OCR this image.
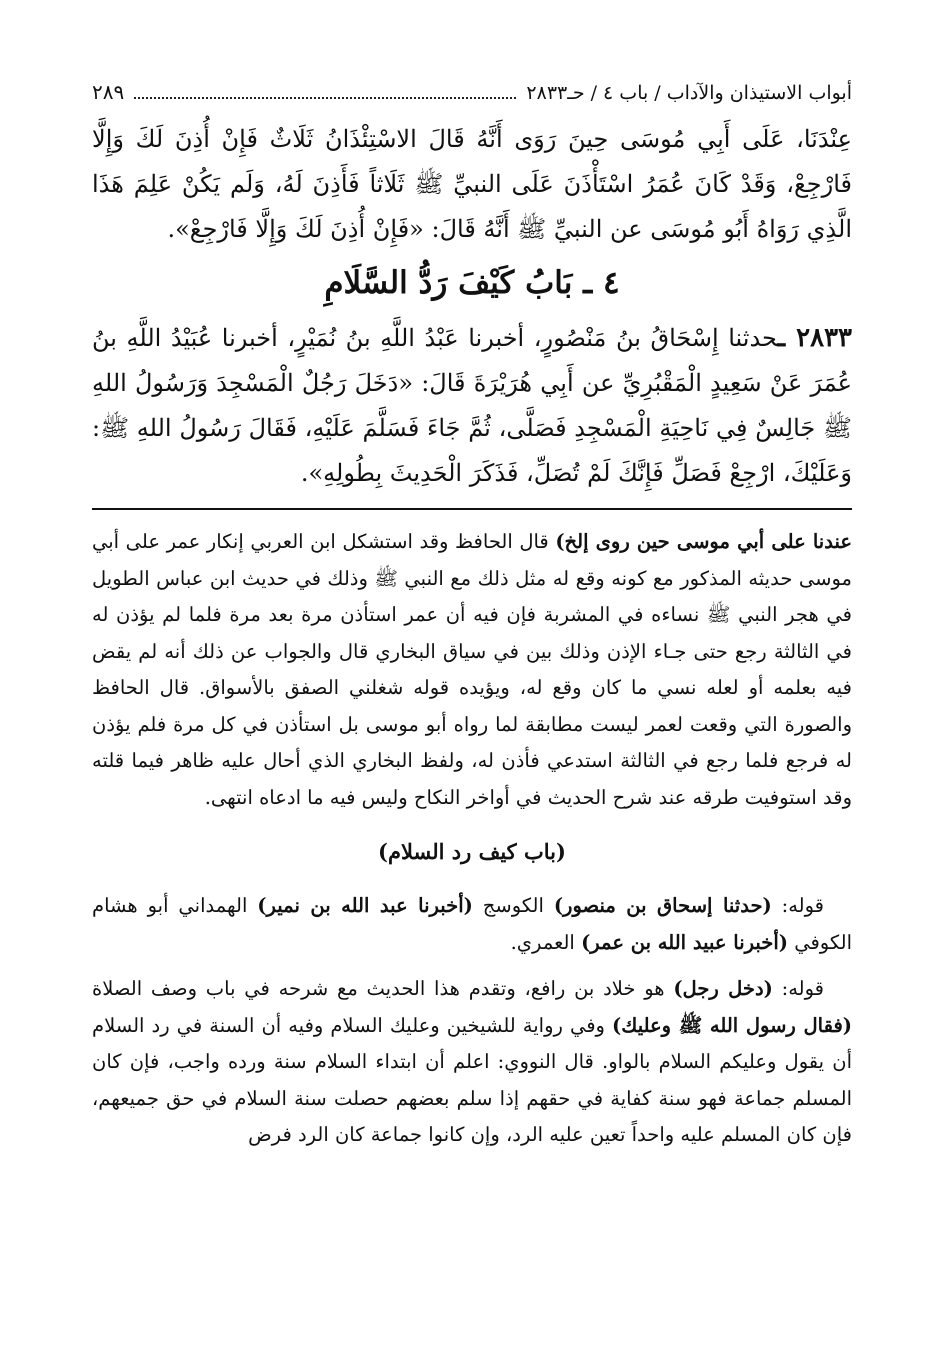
أبواب الاستيذان والآداب / باب ٤ / حـ٢٨٣٣
٢٨٩

عِنْدَنَا، عَلَى أَبِي مُوسَى حِينَ رَوَى أَنَّهُ قَالَ الاسْتِئْذَانُ ثَلَاثٌ فَإِنْ أُذِنَ لَكَ وَإِلَّا فَارْجِعْ، وَقَدْ كَانَ عُمَرُ اسْتَأْذَنَ عَلَى النبيِّ ﷺ ثَلَاثاً فَأَذِنَ لَهُ، وَلَم يَكُنْ عَلِمَ هَذَا الَّذِي رَوَاهُ أَبُو مُوسَى عن النبيِّ ﷺ أَنَّهُ قَالَ: «فَإِنْ أُذِنَ لَكَ وَإِلَّا فَارْجِعْ».

٤ ـ بَابُ كَيْفَ رَدُّ السَّلَامِ

٢٨٣٣ ـحدثنا إِسْحَاقُ بنُ مَنْصُورٍ، أخبرنا عَبْدُ اللَّهِ بنُ نُمَيْرٍ، أخبرنا عُبَيْدُ اللَّهِ بنُ عُمَرَ عَنْ سَعِيدٍ الْمَقْبُرِيِّ عن أَبِي هُرَيْرَةَ قَالَ: «دَخَلَ رَجُلٌ الْمَسْجِدَ وَرَسُولُ اللهِ ﷺ جَالِسٌ فِي نَاحِيَةِ الْمَسْجِدِ فَصَلَّى، ثُمَّ جَاءَ فَسَلَّمَ عَلَيْهِ، فَقَالَ رَسُولُ اللهِ ﷺ: وَعَلَيْكَ، ارْجِعْ فَصَلِّ فَإِنَّكَ لَمْ تُصَلِّ، فَذَكَرَ الْحَدِيثَ بِطُولِهِ».

عندنا على أبي موسى حين روى إلخ) قال الحافظ وقد استشكل ابن العربي إنكار عمر على أبي موسى حديثه المذكور مع كونه وقع له مثل ذلك مع النبي ﷺ وذلك في حديث ابن عباس الطويل في هجر النبي ﷺ نساءه في المشربة فإن فيه أن عمر استأذن مرة بعد مرة فلما لم يؤذن له في الثالثة رجع حتى جـاء الإذن وذلك بين في سياق البخاري قال والجواب عن ذلك أنه لم يقض فيه بعلمه أو لعله نسي ما كان وقع له، ويؤيده قوله شغلني الصفق بالأسواق. قال الحافظ والصورة التي وقعت لعمر ليست مطابقة لما رواه أبو موسى بل استأذن في كل مرة فلم يؤذن له فرجع فلما رجع في الثالثة استدعي فأذن له، ولفظ البخاري الذي أحال عليه ظاهر فيما قلته وقد استوفيت طرقه عند شرح الحديث في أواخر النكاح وليس فيه ما ادعاه انتهى.

(باب كيف رد السلام)

قوله: (حدثنا إسحاق بن منصور) الكوسج (أخبرنا عبد الله بن نمير) الهمداني أبو هشام الكوفي (أخبرنا عبيد الله بن عمر) العمري.

قوله: (دخل رجل) هو خلاد بن رافع، وتقدم هذا الحديث مع شرحه في باب وصف الصلاة (فقال رسول الله ﷺ وعليك) وفي رواية للشيخين وعليك السلام وفيه أن السنة في رد السلام أن يقول وعليكم السلام بالواو. قال النووي: اعلم أن ابتداء السلام سنة ورده واجب، فإن كان المسلم جماعة فهو سنة كفاية في حقهم إذا سلم بعضهم حصلت سنة السلام في حق جميعهم، فإن كان المسلم عليه واحداً تعين عليه الرد، وإن كانوا جماعة كان الرد فرض
